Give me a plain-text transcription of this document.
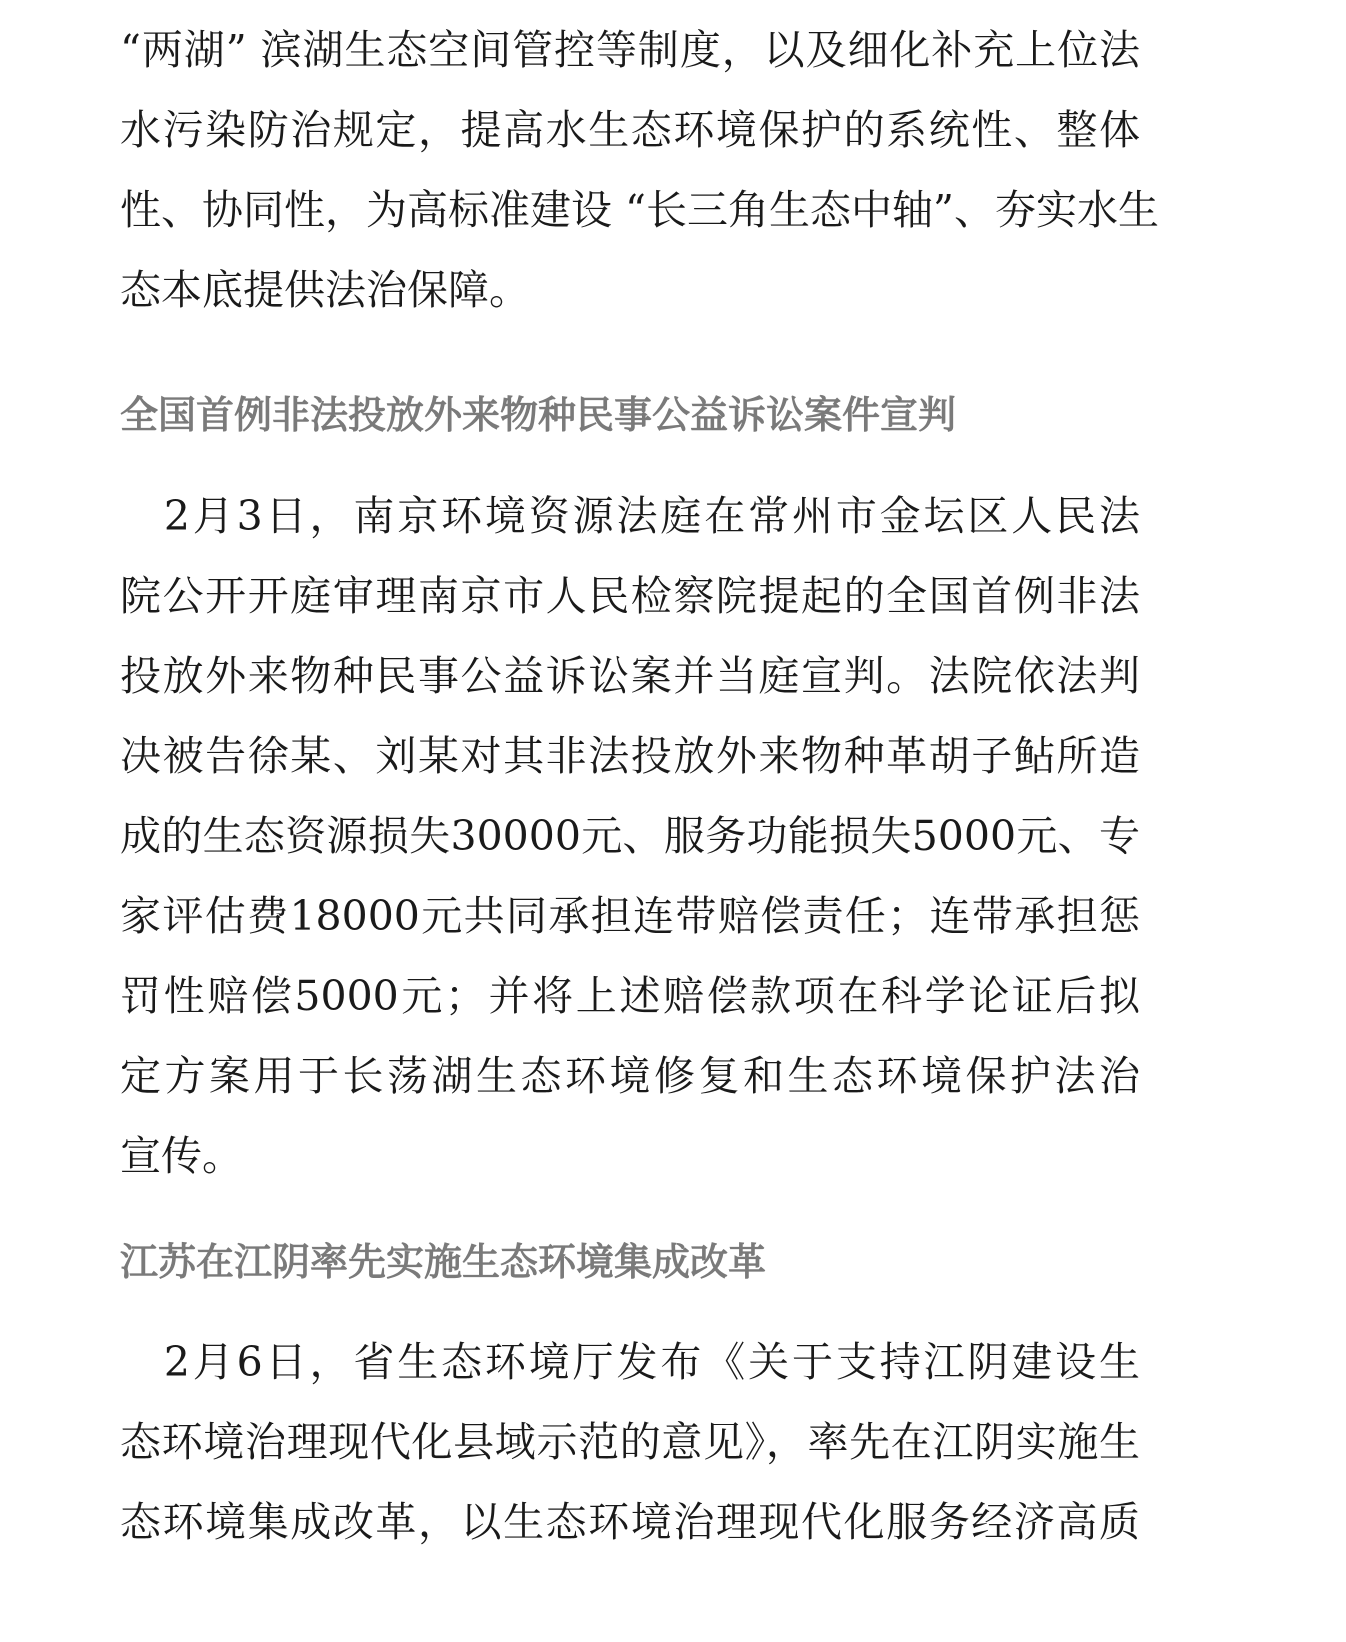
“两湖” 滨湖生态空间管控等制度，以及细化补充上位法
水污染防治规定，提高水生态环境保护的系统性、整体
性、协同性，为高标准建设 “长三角生态中轴”、夯实水生
态本底提供法治保障。
全国首例非法投放外来物种民事公益诉讼案件宣判
　2月3日，南京环境资源法庭在常州市金坛区人民法
院公开开庭审理南京市人民检察院提起的全国首例非法
投放外来物种民事公益诉讼案并当庭宣判。法院依法判
决被告徐某、刘某对其非法投放外来物种革胡子鲇所造
成的生态资源损失30000元、服务功能损失5000元、专
家评估费18000元共同承担连带赔偿责任；连带承担惩
罚性赔偿5000元；并将上述赔偿款项在科学论证后拟
定方案用于长荡湖生态环境修复和生态环境保护法治
宣传。
江苏在江阴率先实施生态环境集成改革
　2月6日，省生态环境厅发布《关于支持江阴建设生
态环境治理现代化县域示范的意见》，率先在江阴实施生
态环境集成改革，以生态环境治理现代化服务经济高质
